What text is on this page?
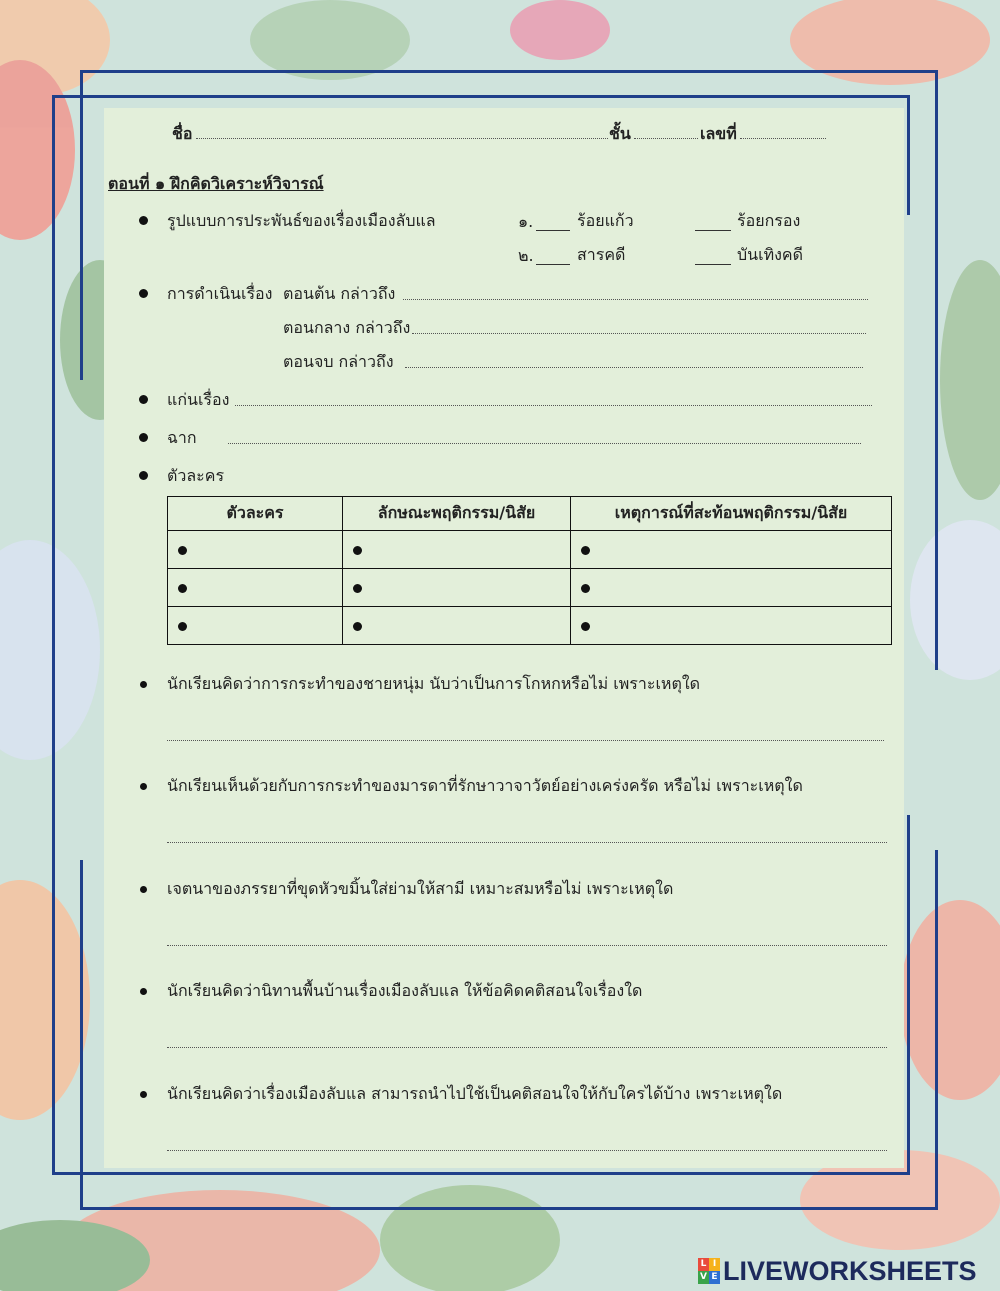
ชื่อ	ชั้น	เลขที่
ตอนที่ ๑ ฝึกคิดวิเคราะห์วิจารณ์
รูปแบบการประพันธ์ของเรื่องเมืองลับแล	๑.	ร้อยแก้ว	ร้อยกรอง
๒.	สารคดี	บันเทิงคดี
การดำเนินเรื่อง ตอนต้น กล่าวถึง
ตอนกลาง กล่าวถึง
ตอนจบ กล่าวถึง
แก่นเรื่อง
ฉาก
ตัวละคร
ตัวละคร	ลักษณะพฤติกรรม/นิสัย	เหตุการณ์ที่สะท้อนพฤติกรรม/นิสัย

นักเรียนคิดว่าการกระทำของชายหนุ่ม นับว่าเป็นการโกหกหรือไม่ เพราะเหตุใด
นักเรียนเห็นด้วยกับการกระทำของมารดาที่รักษาวาจาวัตย์อย่างเคร่งครัด หรือไม่ เพราะเหตุใด
เจตนาของภรรยาที่ขุดหัวขมิ้นใส่ย่ามให้สามี เหมาะสมหรือไม่ เพราะเหตุใด
นักเรียนคิดว่านิทานพื้นบ้านเรื่องเมืองลับแล ให้ข้อคิดคติสอนใจเรื่องใด
นักเรียนคิดว่าเรื่องเมืองลับแล สามารถนำไปใช้เป็นคติสอนใจให้กับใครได้บ้าง เพราะเหตุใด
L I
V E LIVEWORKSHEETS
